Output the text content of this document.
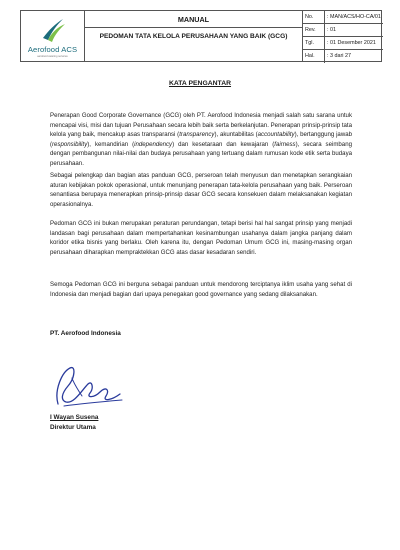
Aerofood ACS
aerofood catering services
MANUAL
PEDOMAN TATA KELOLA PERUSAHAAN YANG BAIK (GCG)
No.	: MAN/ACS/HO-CA/01
Rev.	: 01
Tgl.	: 01 Desember 2021
Hal.	: 3 dari 27
KATA PENGANTAR
Penerapan Good Corporate Governance (GCG) oleh PT. Aerofood Indonesia menjadi salah satu sarana untuk mencapai visi, misi dan tujuan Perusahaan secara lebih baik serta berkelanjutan. Penerapan prinsip-prinsip tata kelola yang baik, mencakup asas transparansi (transparency), akuntabilitas (accountability), bertanggung jawab (responsibility), kemandirian (independency) dan kesetaraan dan kewajaran (fairness), secara seimbang dengan pembangunan nilai-nilai dan budaya perusahaan yang tertuang dalam rumusan kode etik serta budaya perusahaan.
Sebagai pelengkap dan bagian atas panduan GCG, perseroan telah menyusun dan menetapkan serangkaian aturan kebijakan pokok operasional, untuk menunjang penerapan tata-kelola perusahaan yang baik. Perseroan senantiasa berupaya menerapkan prinsip-prinsip dasar GCG secara konsekuen dalam melaksanakan kegiatan operasionalnya.
Pedoman GCG ini bukan merupakan peraturan perundangan, tetapi berisi hal hal sangat prinsip yang menjadi landasan bagi perusahaan dalam mempertahankan kesinambungan usahanya dalam jangka panjang dalam koridor etika bisnis yang berlaku. Oleh karena itu, dengan Pedoman Umum GCG ini, masing-masing organ perusahaan diharapkan mempraktekkan GCG atas dasar kesadaran sendiri.
Semoga Pedoman GCG ini berguna sebagai panduan untuk mendorong terciptanya iklim usaha yang sehat di Indonesia dan menjadi bagian dari upaya penegakan good governance yang sedang dilaksanakan.
PT. Aerofood Indonesia
I Wayan Susena
Direktur Utama
